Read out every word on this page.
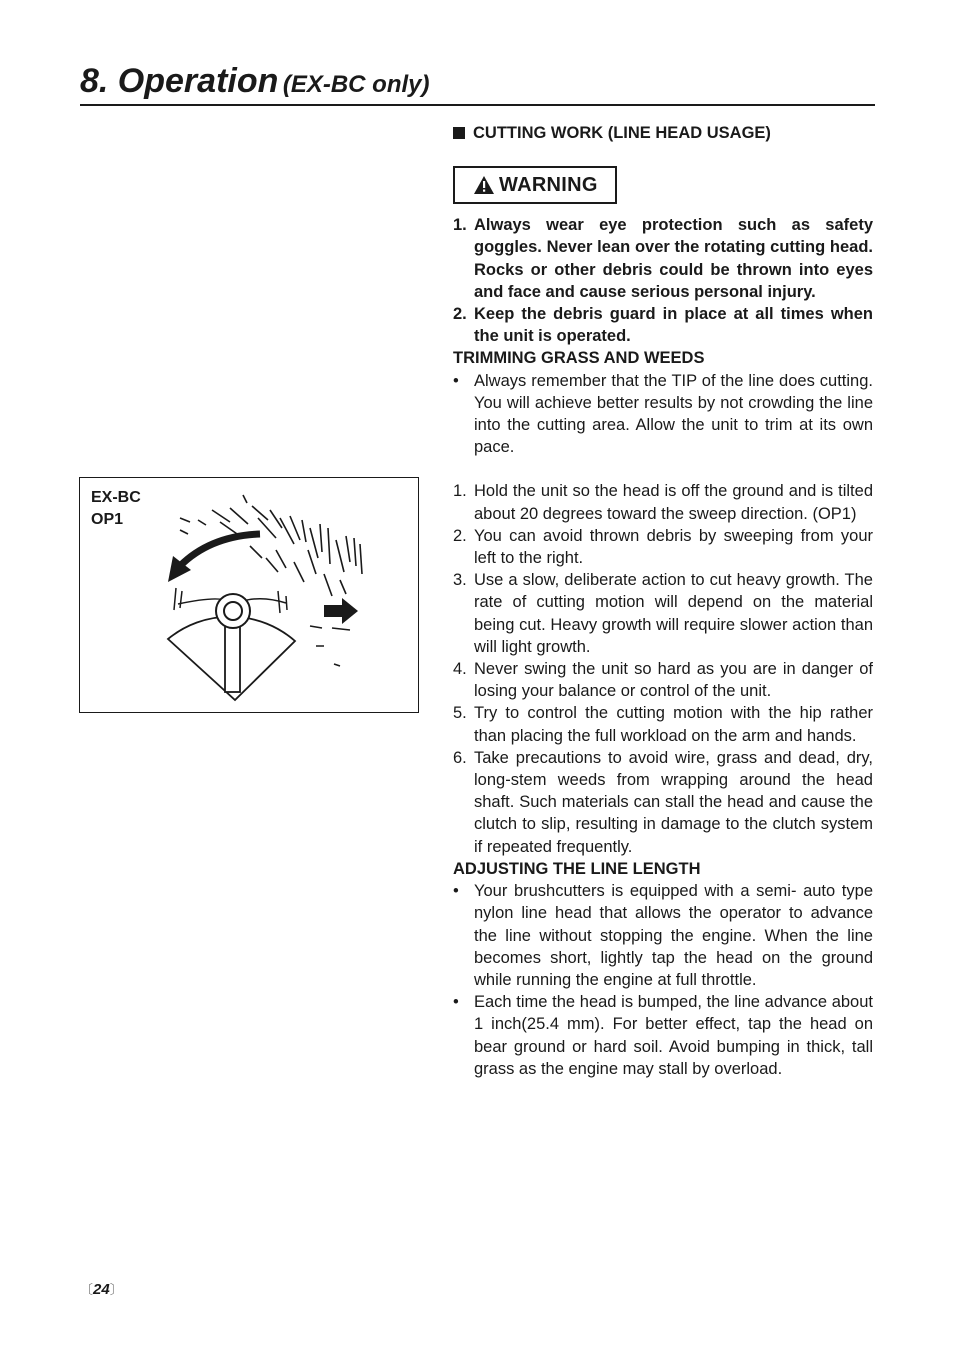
8. Operation (EX-BC only)
EX-BC
OP1
CUTTING WORK (LINE HEAD USAGE)
WARNING
1. Always wear eye protection such as safety goggles. Never lean over the rotating cutting head. Rocks or other debris could be thrown into eyes and face and cause serious personal injury.
2. Keep the debris guard in place at all times when the unit is operated.

TRIMMING GRASS AND WEEDS

• Always remember that the TIP of the line does cutting. You will achieve better results by not crowding the line into the cutting area. Allow the unit to trim at its own pace.
1. Hold the unit so the head is off the ground and is tilted about 20 degrees toward the sweep direction. (OP1)
2. You can avoid thrown debris by sweeping from your left to the right.
3. Use a slow, deliberate action to cut heavy growth. The rate of cutting motion will depend on the material being cut. Heavy growth will require slower action than will light growth.
4. Never swing the unit so hard as you are in danger of losing your balance or control of the unit.
5. Try to control the cutting motion with the hip rather than placing the full workload on the arm and hands.
6. Take precautions to avoid wire, grass and dead, dry, long-stem weeds from wrapping around the head shaft. Such materials can stall the head and cause the clutch to slip, resulting in damage to the clutch system if repeated frequently.

ADJUSTING THE LINE LENGTH

• Your brushcutters is equipped with a semi- auto type nylon line head that allows the operator to advance the line without stopping the engine. When the line becomes short, lightly tap the head on the ground while running the engine at full throttle.
• Each time the head is bumped, the line advance about 1 inch(25.4 mm). For better effect, tap the head on bear ground or hard soil. Avoid bumping in thick, tall grass as the engine may stall by overload.
〔24〕
